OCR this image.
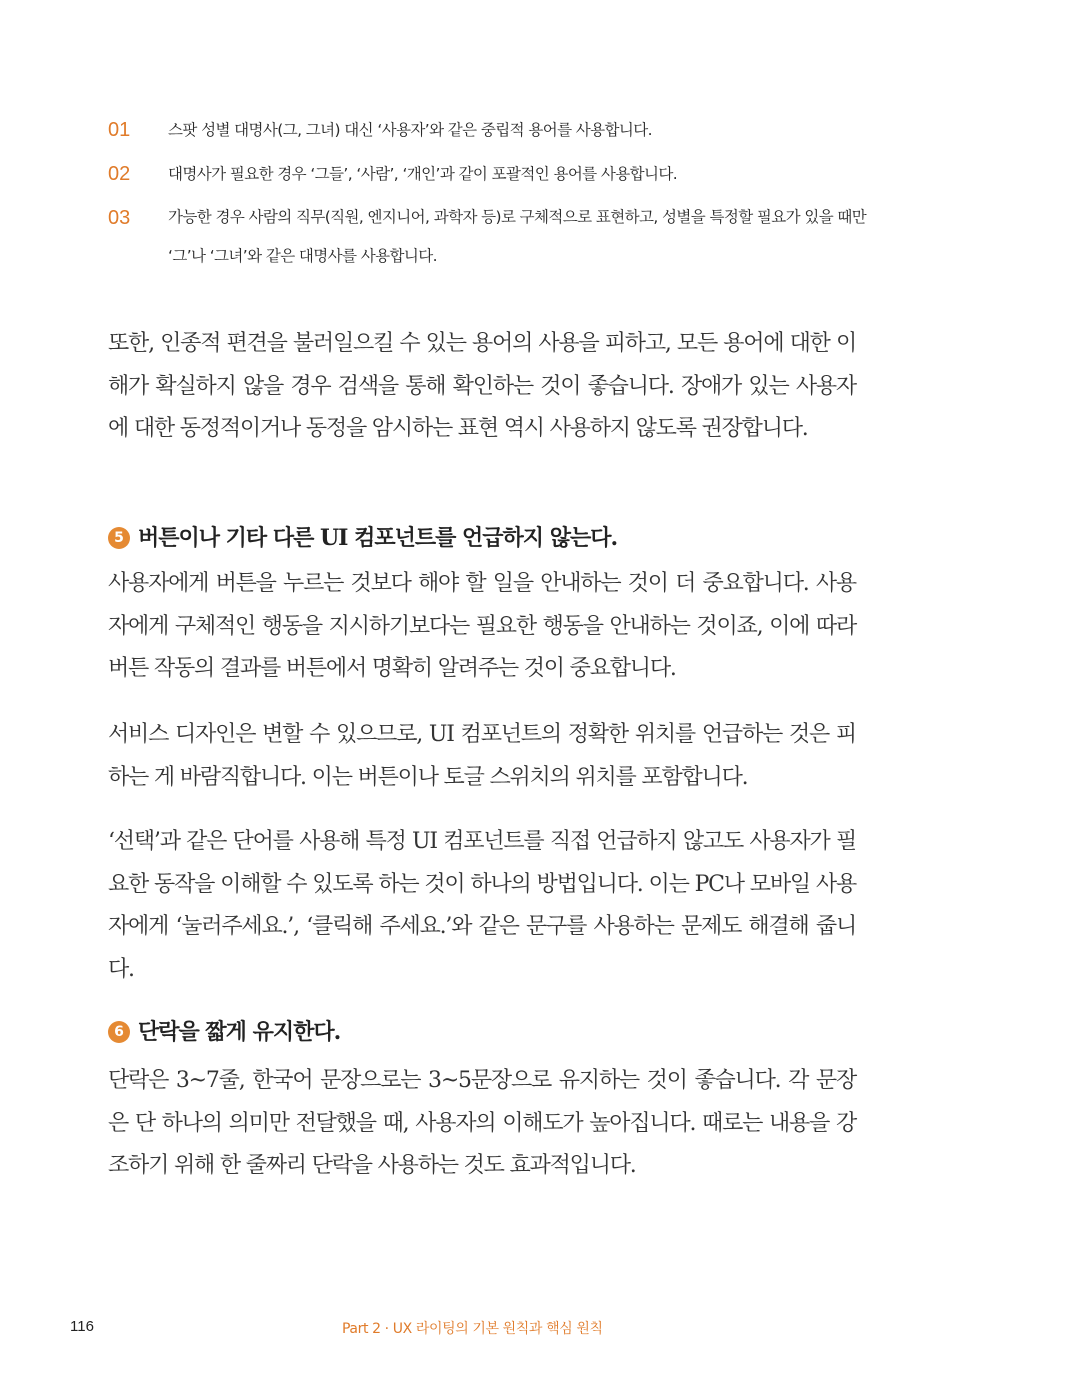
01	스팟 성별 대명사(그, 그녀) 대신 ‘사용자’와 같은 중립적 용어를 사용합니다.
02	대명사가 필요한 경우 ‘그들’, ‘사람’, ‘개인’과 같이 포괄적인 용어를 사용합니다.
03	가능한 경우 사람의 직무(직원, 엔지니어, 과학자 등)로 구체적으로 표현하고, 성별을 특정할 필요가 있을 때만 ‘그’나 ‘그녀’와 같은 대명사를 사용합니다.

또한, 인종적 편견을 불러일으킬 수 있는 용어의 사용을 피하고, 모든 용어에 대한 이해가 확실하지 않을 경우 검색을 통해 확인하는 것이 좋습니다. 장애가 있는 사용자에 대한 동정적이거나 동정을 암시하는 표현 역시 사용하지 않도록 권장합니다.

5 버튼이나 기타 다른 UI 컴포넌트를 언급하지 않는다.

사용자에게 버튼을 누르는 것보다 해야 할 일을 안내하는 것이 더 중요합니다. 사용자에게 구체적인 행동을 지시하기보다는 필요한 행동을 안내하는 것이죠, 이에 따라 버튼 작동의 결과를 버튼에서 명확히 알려주는 것이 중요합니다.

서비스 디자인은 변할 수 있으므로, UI 컴포넌트의 정확한 위치를 언급하는 것은 피하는 게 바람직합니다. 이는 버튼이나 토글 스위치의 위치를 포함합니다.

‘선택’과 같은 단어를 사용해 특정 UI 컴포넌트를 직접 언급하지 않고도 사용자가 필요한 동작을 이해할 수 있도록 하는 것이 하나의 방법입니다. 이는 PC나 모바일 사용자에게 ‘눌러주세요.’, ‘클릭해 주세요.’와 같은 문구를 사용하는 문제도 해결해 줍니다.

6 단락을 짧게 유지한다.

단락은 3~7줄, 한국어 문장으로는 3~5문장으로 유지하는 것이 좋습니다. 각 문장은 단 하나의 의미만 전달했을 때, 사용자의 이해도가 높아집니다. 때로는 내용을 강조하기 위해 한 줄짜리 단락을 사용하는 것도 효과적입니다.

116	Part 2 · UX 라이팅의 기본 원칙과 핵심 원칙
